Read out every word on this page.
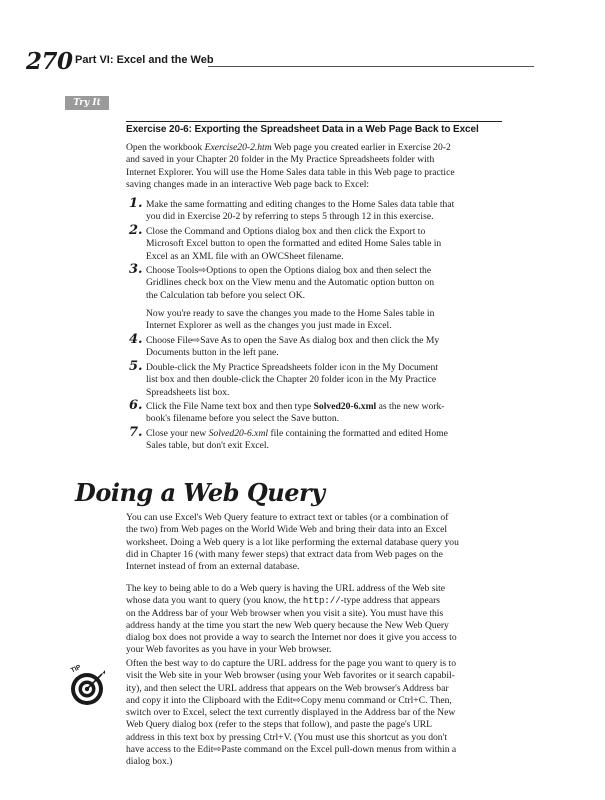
270 Part VI: Excel and the Web
Try It
Exercise 20-6: Exporting the Spreadsheet Data in a Web Page Back to Excel
Open the workbook Exercise20-2.htm Web page you created earlier in Exercise 20-2
and saved in your Chapter 20 folder in the My Practice Spreadsheets folder with
Internet Explorer. You will use the Home Sales data table in this Web page to practice
saving changes made in an interactive Web page back to Excel:
1. Make the same formatting and editing changes to the Home Sales data table that
you did in Exercise 20-2 by referring to steps 5 through 12 in this exercise.
2. Close the Command and Options dialog box and then click the Export to
Microsoft Excel button to open the formatted and edited Home Sales table in
Excel as an XML file with an OWCSheet filename.
3. Choose Tools⇨Options to open the Options dialog box and then select the
Gridlines check box on the View menu and the Automatic option button on
the Calculation tab before you select OK.
Now you're ready to save the changes you made to the Home Sales table in
Internet Explorer as well as the changes you just made in Excel.
4. Choose File⇨Save As to open the Save As dialog box and then click the My
Documents button in the left pane.
5. Double-click the My Practice Spreadsheets folder icon in the My Document
list box and then double-click the Chapter 20 folder icon in the My Practice
Spreadsheets list box.
6. Click the File Name text box and then type Solved20-6.xml as the new work-
book's filename before you select the Save button.
7. Close your new Solved20-6.xml file containing the formatted and edited Home
Sales table, but don't exit Excel.
Doing a Web Query
You can use Excel's Web Query feature to extract text or tables (or a combination of
the two) from Web pages on the World Wide Web and bring their data into an Excel
worksheet. Doing a Web query is a lot like performing the external database query you
did in Chapter 16 (with many fewer steps) that extract data from Web pages on the
Internet instead of from an external database.
The key to being able to do a Web query is having the URL address of the Web site
whose data you want to query (you know, the http://-type address that appears
on the Address bar of your Web browser when you visit a site). You must have this
address handy at the time you start the new Web query because the New Web Query
dialog box does not provide a way to search the Internet nor does it give you access to
your Web favorites as you have in your Web browser.
TIP
Often the best way to do capture the URL address for the page you want to query is to
visit the Web site in your Web browser (using your Web favorites or it search capabil-
ity), and then select the URL address that appears on the Web browser's Address bar
and copy it into the Clipboard with the Edit⇨Copy menu command or Ctrl+C. Then,
switch over to Excel, select the text currently displayed in the Address bar of the New
Web Query dialog box (refer to the steps that follow), and paste the page's URL
address in this text box by pressing Ctrl+V. (You must use this shortcut as you don't
have access to the Edit⇨Paste command on the Excel pull-down menus from within a
dialog box.)
